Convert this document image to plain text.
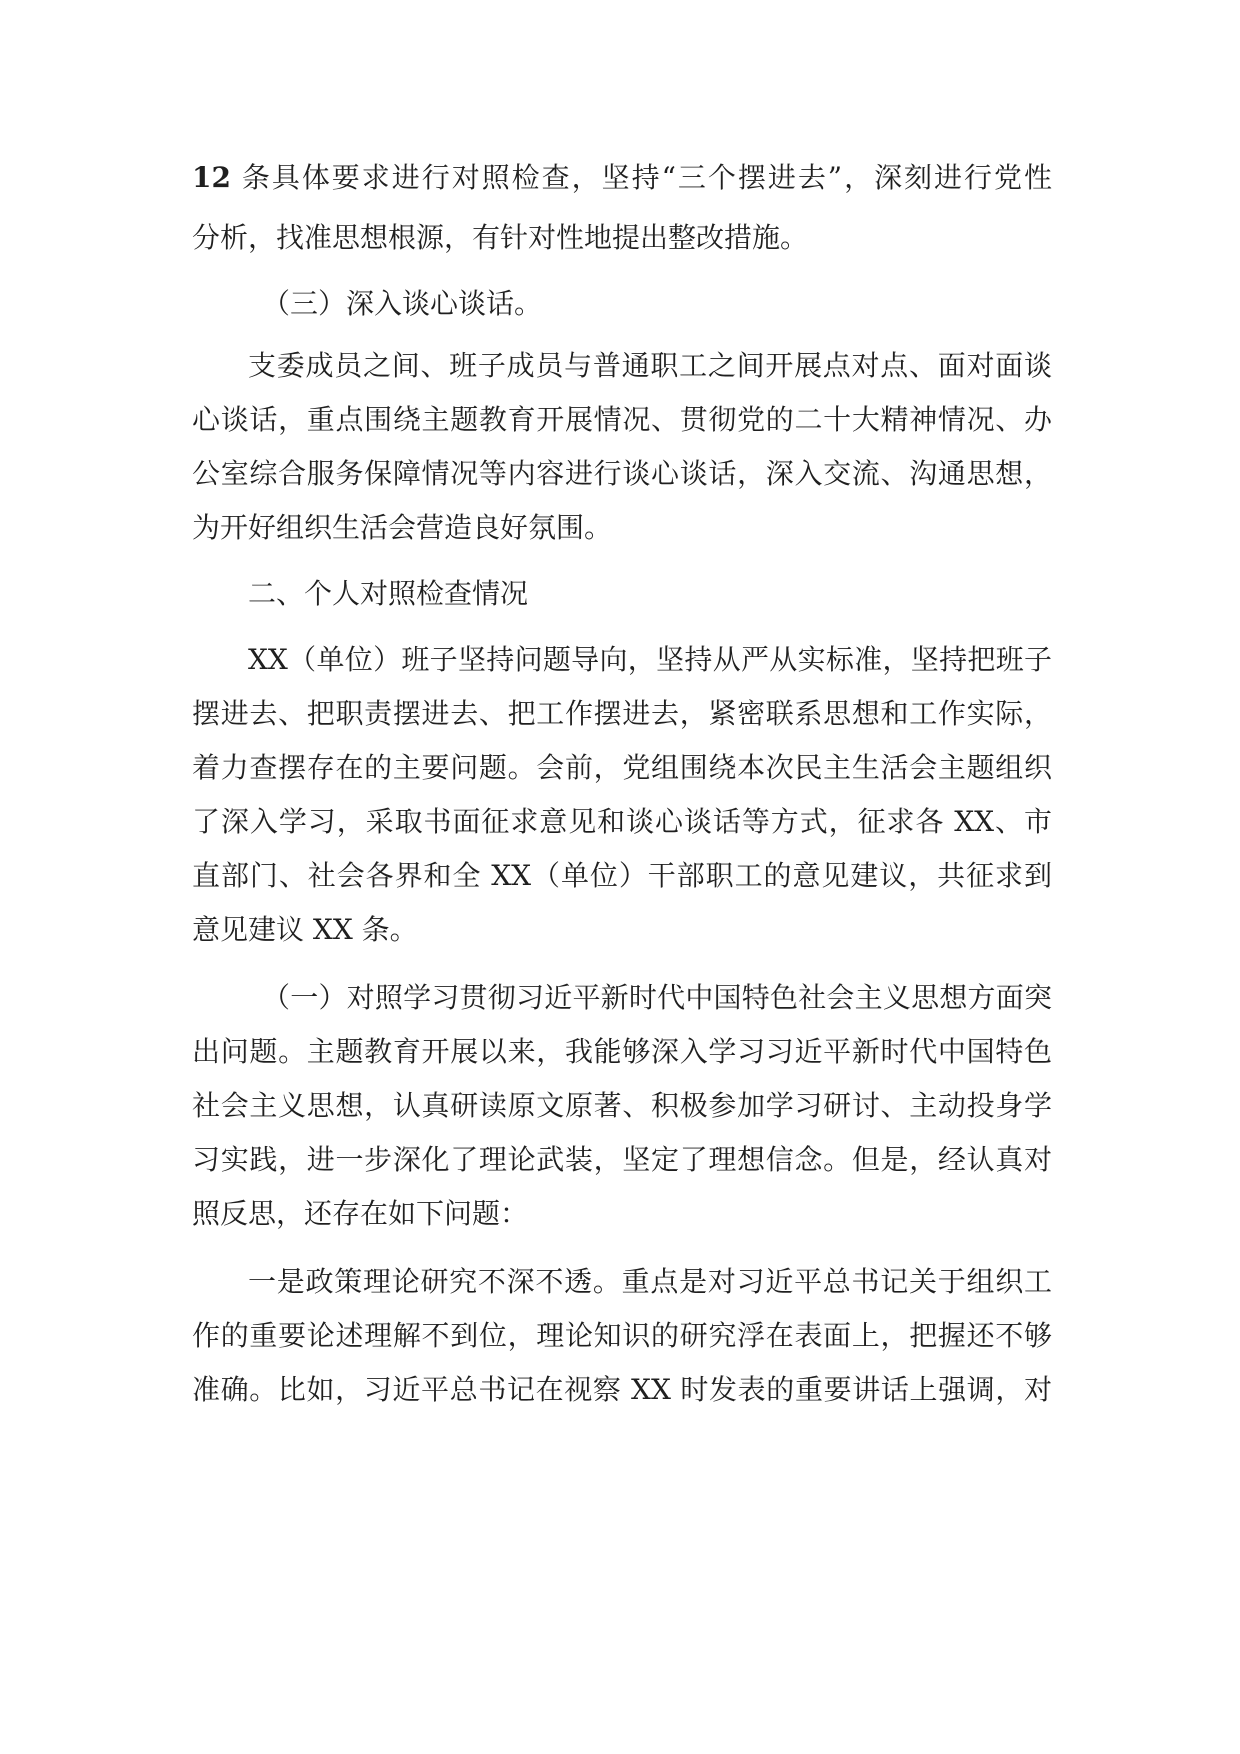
12 条具体要求进行对照检查，坚持“三个摆进去”，深刻进行党性
分析，找准思想根源，有针对性地提出整改措施。
（三）深入谈心谈话。
支委成员之间、班子成员与普通职工之间开展点对点、面对面谈
心谈话，重点围绕主题教育开展情况、贯彻党的二十大精神情况、办
公室综合服务保障情况等内容进行谈心谈话，深入交流、沟通思想，
为开好组织生活会营造良好氛围。
二、个人对照检查情况
XX（单位）班子坚持问题导向，坚持从严从实标准，坚持把班子
摆进去、把职责摆进去、把工作摆进去，紧密联系思想和工作实际，
着力查摆存在的主要问题。会前，党组围绕本次民主生活会主题组织
了深入学习，采取书面征求意见和谈心谈话等方式，征求各 XX、市
直部门、社会各界和全 XX（单位）干部职工的意见建议，共征求到
意见建议 XX 条。
（一）对照学习贯彻习近平新时代中国特色社会主义思想方面突
出问题。主题教育开展以来，我能够深入学习习近平新时代中国特色
社会主义思想，认真研读原文原著、积极参加学习研讨、主动投身学
习实践，进一步深化了理论武装，坚定了理想信念。但是，经认真对
照反思，还存在如下问题：
一是政策理论研究不深不透。重点是对习近平总书记关于组织工
作的重要论述理解不到位，理论知识的研究浮在表面上，把握还不够
准确。比如，习近平总书记在视察 XX 时发表的重要讲话上强调，对
